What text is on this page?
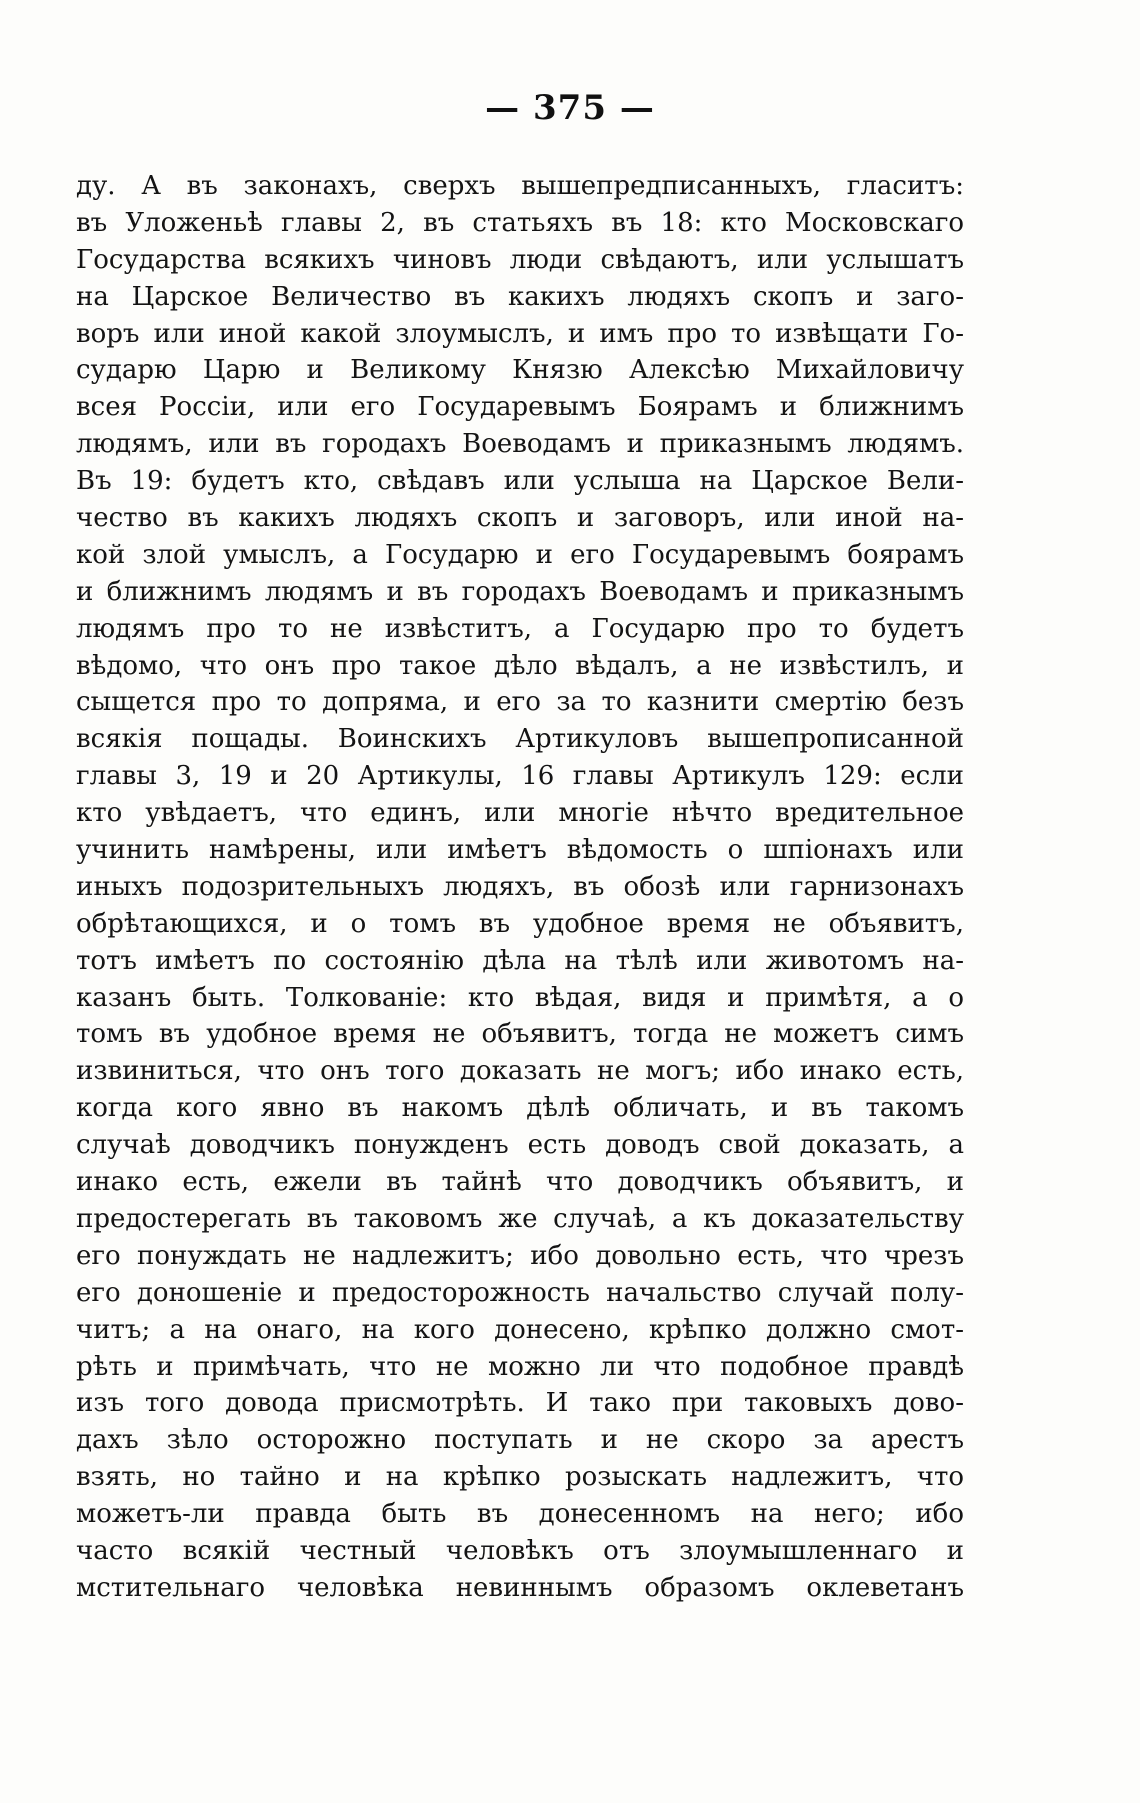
— 375 —
ду. А въ законахъ, сверхъ вышепредписанныхъ, гласитъ:
въ Уложеньѣ главы 2, въ статьяхъ въ 18: кто Московскаго
Государства всякихъ чиновъ люди свѣдаютъ, или услышатъ
на Царское Величество въ какихъ людяхъ скопъ и заго-
воръ или иной какой злоумыслъ, и имъ про то извѣщати Го-
сударю Царю и Великому Князю Алексѣю Михайловичу
всея Россіи, или его Государевымъ Боярамъ и ближнимъ
людямъ, или въ городахъ Воеводамъ и приказнымъ людямъ.
Въ 19: будетъ кто, свѣдавъ или услыша на Царское Вели-
чество въ какихъ людяхъ скопъ и заговоръ, или иной на-
кой злой умыслъ, а Государю и его Государевымъ боярамъ
и ближнимъ людямъ и въ городахъ Воеводамъ и приказнымъ
людямъ про то не извѣститъ, а Государю про то будетъ
вѣдомо, что онъ про такое дѣло вѣдалъ, а не извѣстилъ, и
сыщется про то допряма, и его за то казнити смертію безъ
всякія пощады. Воинскихъ Артикуловъ вышепрописанной
главы 3, 19 и 20 Артикулы, 16 главы Артикулъ 129: если
кто увѣдаетъ, что единъ, или многіе нѣчто вредительное
учинить намѣрены, или имѣетъ вѣдомость о шпіонахъ или
иныхъ подозрительныхъ людяхъ, въ обозѣ или гарнизонахъ
обрѣтающихся, и о томъ въ удобное время не объявитъ,
тотъ имѣетъ по состоянію дѣла на тѣлѣ или животомъ на-
казанъ быть. Толкованіе: кто вѣдая, видя и примѣтя, а о
томъ въ удобное время не объявитъ, тогда не можетъ симъ
извиниться, что онъ того доказать не могъ; ибо инако есть,
когда кого явно въ накомъ дѣлѣ обличать, и въ такомъ
случаѣ доводчикъ понужденъ есть доводъ свой доказать, а
инако есть, ежели въ тайнѣ что доводчикъ объявитъ, и
предостерегать въ таковомъ же случаѣ, а къ доказательству
его понуждать не надлежитъ; ибо довольно есть, что чрезъ
его доношеніе и предосторожность начальство случай полу-
читъ; а на онаго, на кого донесено, крѣпко должно смот-
рѣть и примѣчать, что не можно ли что подобное правдѣ
изъ того довода присмотрѣть. И тако при таковыхъ дово-
дахъ зѣло осторожно поступать и не скоро за арестъ
взять, но тайно и на крѣпко розыскать надлежитъ, что
можетъ-ли правда быть въ донесенномъ на него; ибо
часто всякій честный человѣкъ отъ злоумышленнаго и
мстительнаго человѣка невиннымъ образомъ оклеветанъ
